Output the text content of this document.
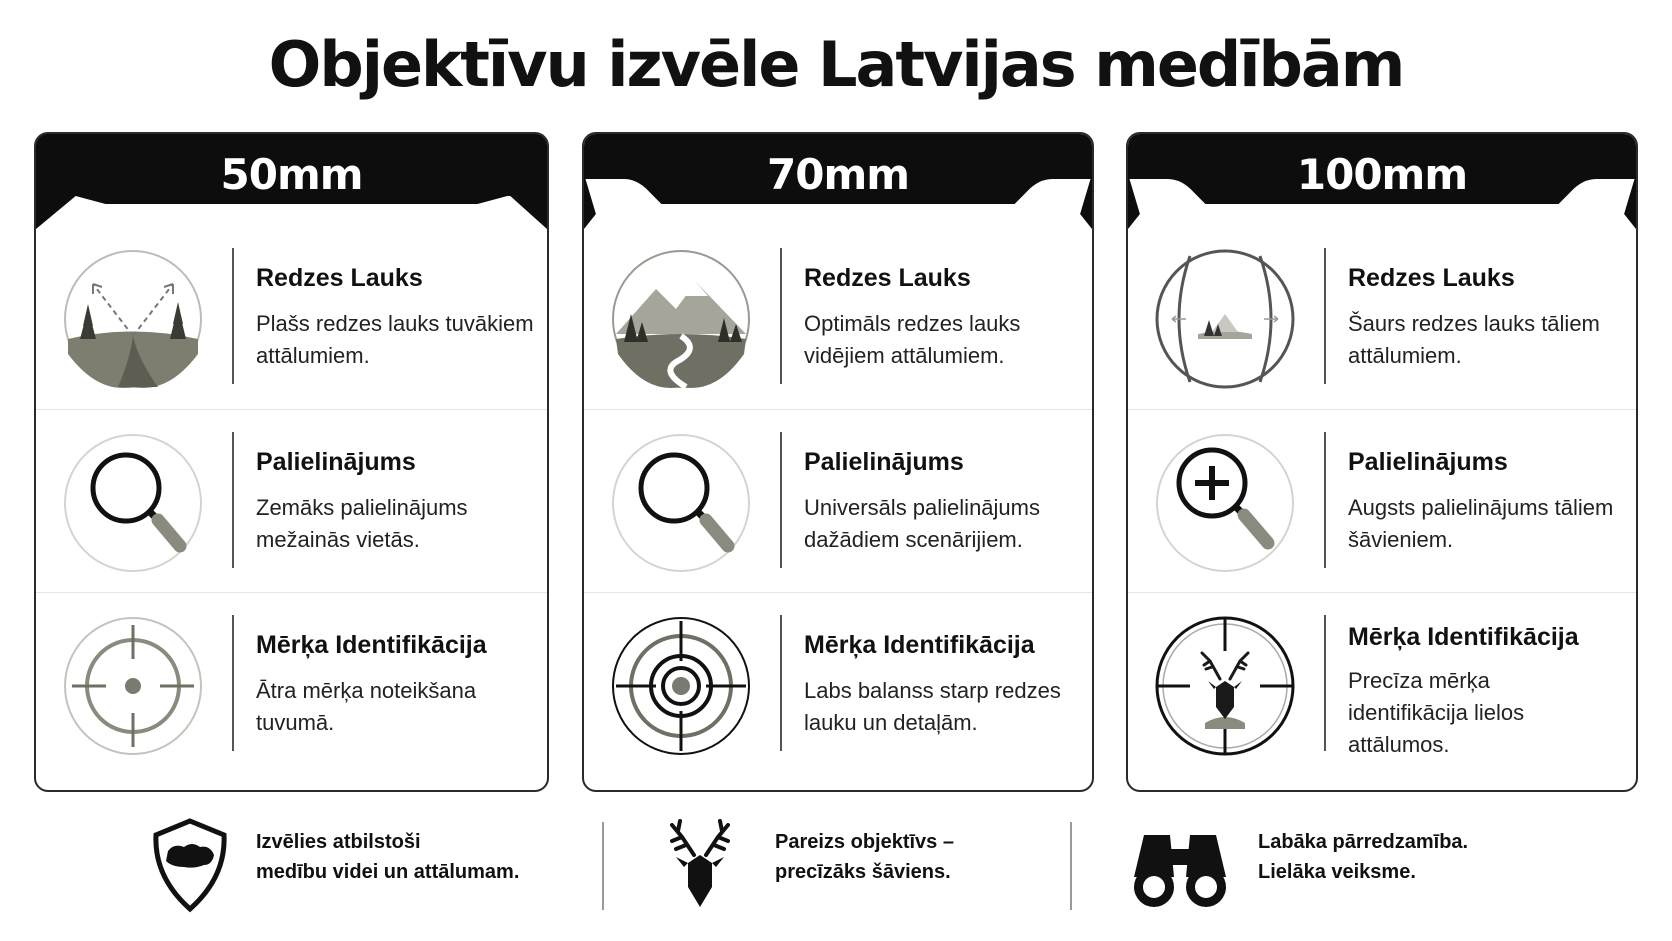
Objektīvu izvēle Latvijas medībām
50mm
Redzes Lauks
Plašs redzes lauks tuvākiem attālumiem.
Palielinājums
Zemāks palielinājums mežainās vietās.
Mērķa Identifikācija
Ātra mērķa noteikšana tuvumā.
70mm
Redzes Lauks
Optimāls redzes lauks vidējiem attālumiem.
Palielinājums
Universāls palielinājums dažādiem scenārijiem.
Mērķa Identifikācija
Labs balanss starp redzes lauku un detaļām.
100mm
Redzes Lauks
Šaurs redzes lauks tāliem attālumiem.
Palielinājums
Augsts palielinājums tāliem šāvieniem.
Mērķa Identifikācija
Precīza mērķa identifikācija lielos attālumos.
Izvēlies atbilstoši
medību videi un attālumam.
Pareizs objektīvs –
precīzāks šāviens.
Labāka pārredzamība.
Lielāka veiksme.
